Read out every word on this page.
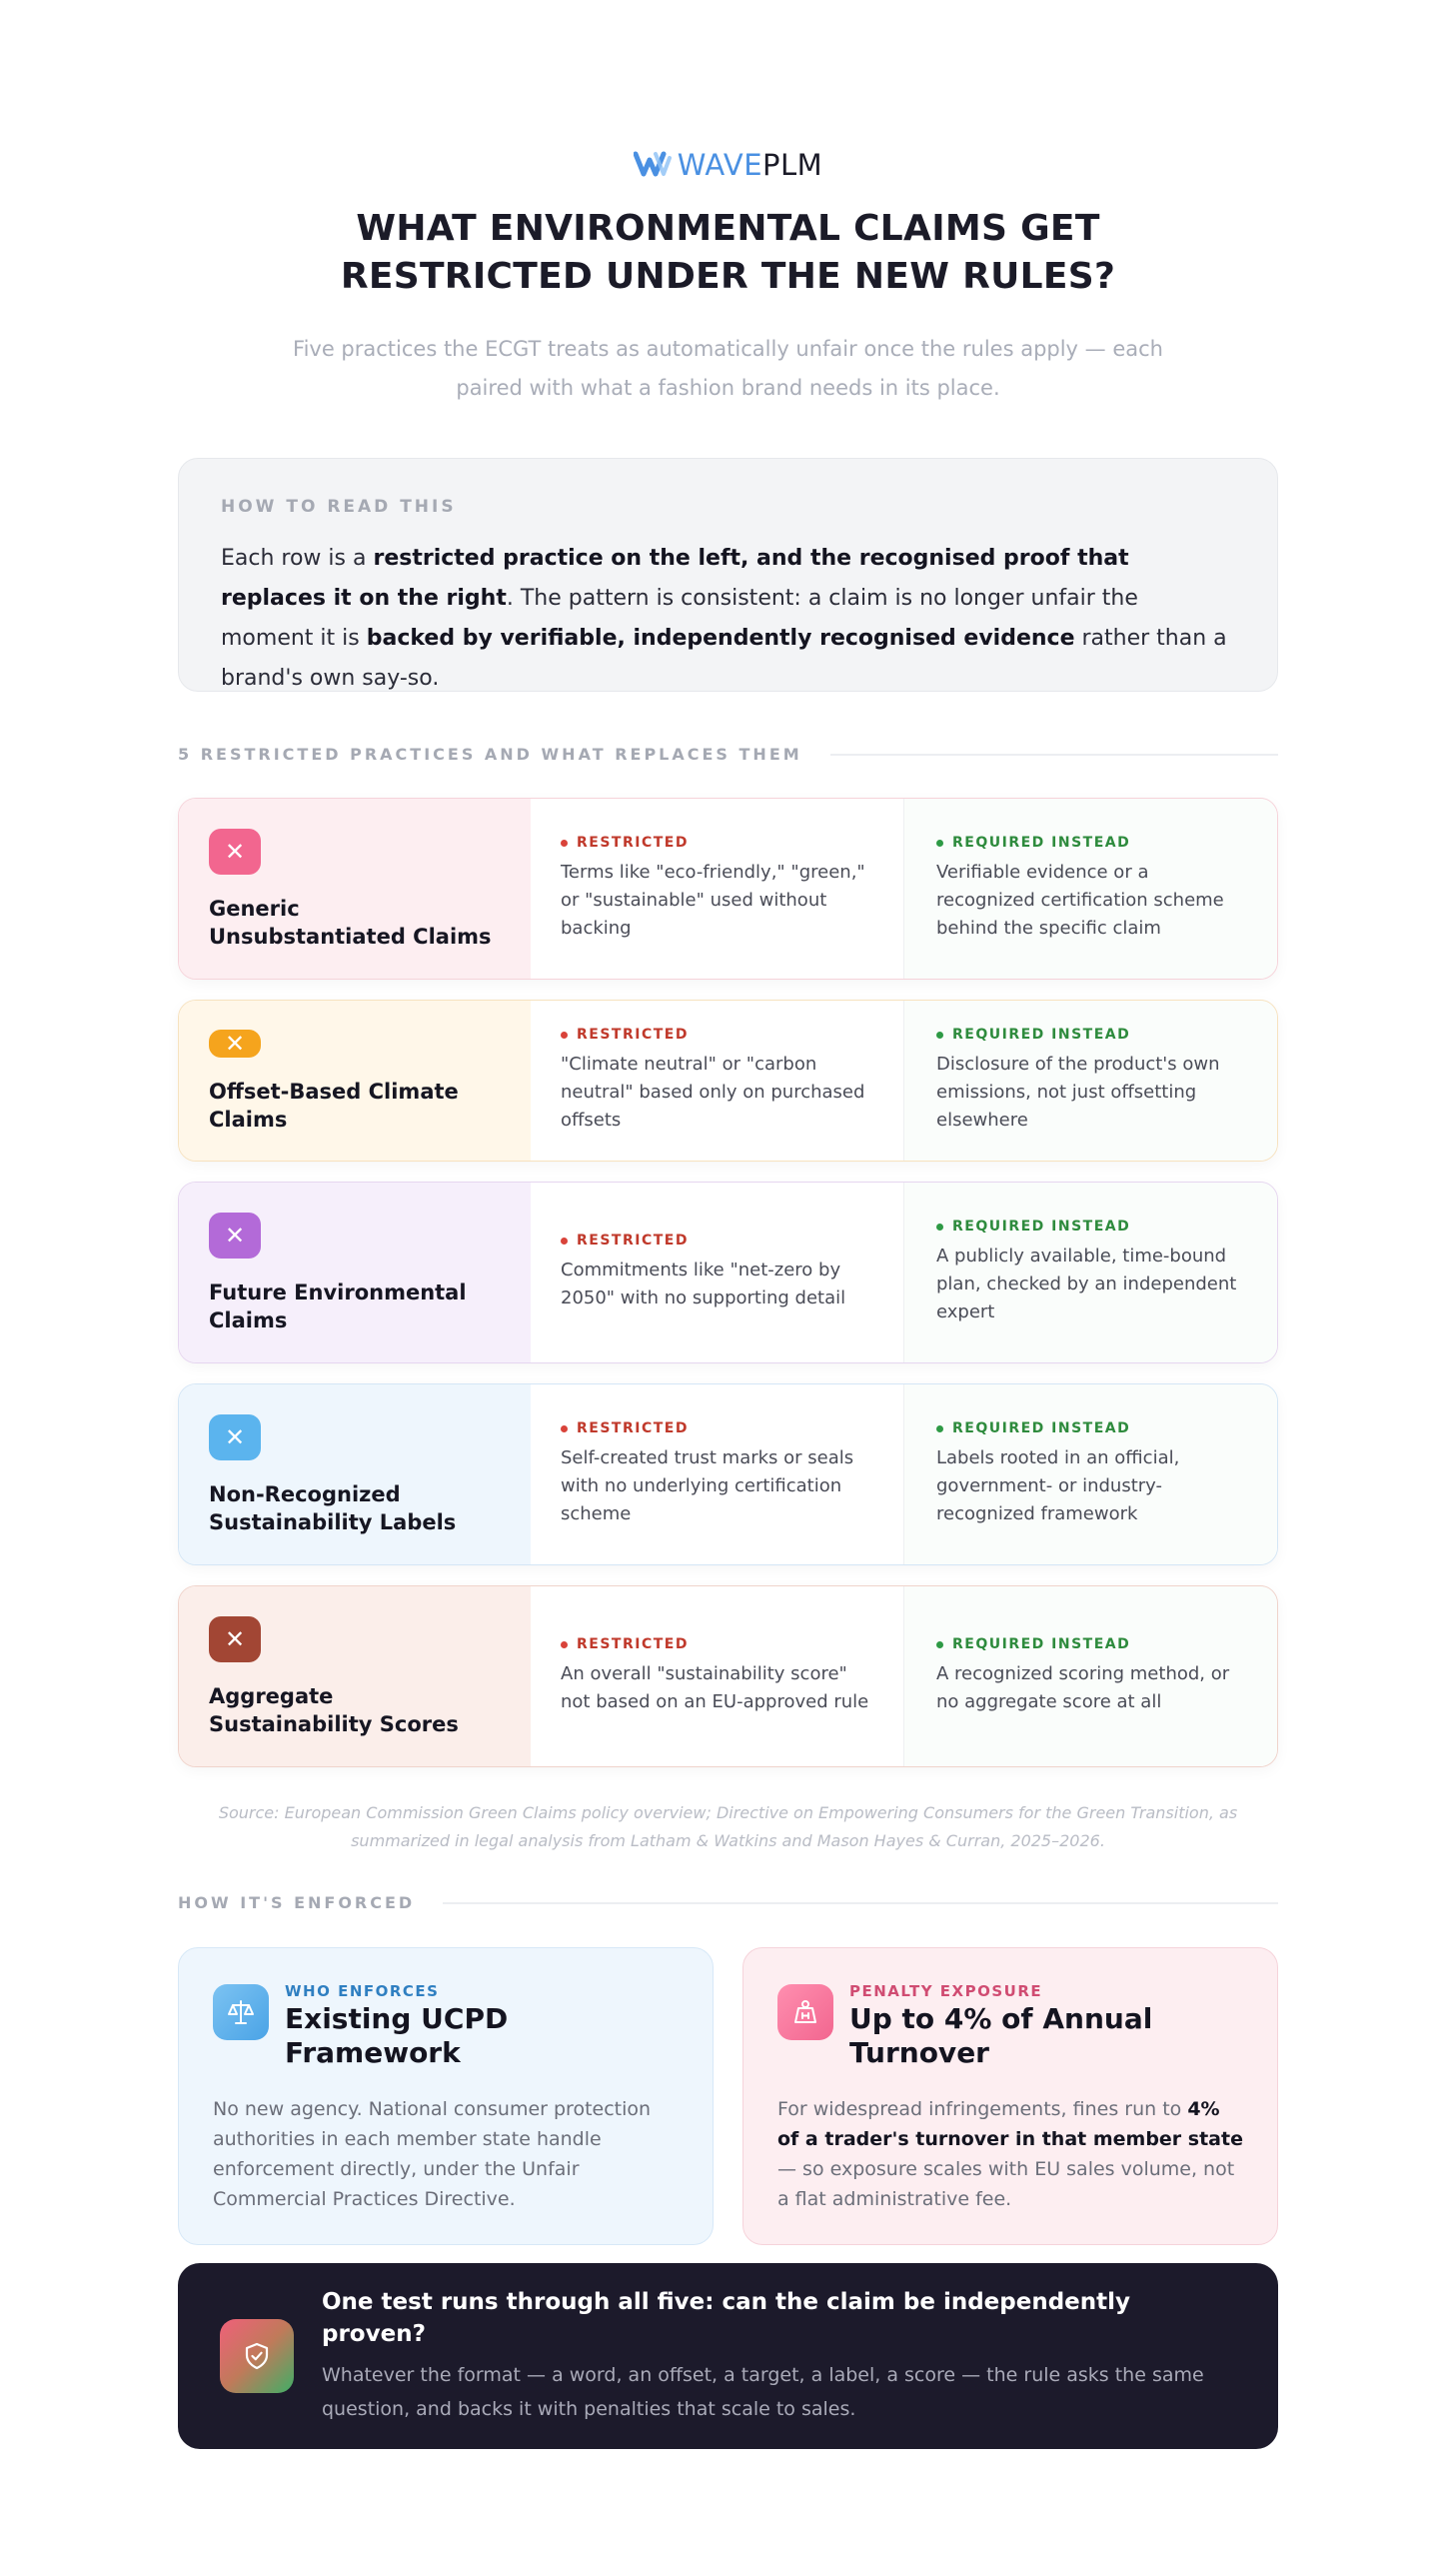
WAVEPLM
WHAT ENVIRONMENTAL CLAIMS GET
RESTRICTED UNDER THE NEW RULES?

Five practices the ECGT treats as automatically unfair once the rules apply — each paired with what a fashion brand needs in its place.

HOW TO READ THIS
Each row is a restricted practice on the left, and the recognised proof that replaces it on the right. The pattern is consistent: a claim is no longer unfair the moment it is backed by verifiable, independently recognised evidence rather than a brand's own say-so.
5 RESTRICTED PRACTICES AND WHAT REPLACES THEM
✕
Generic Unsubstantiated Claims
RESTRICTED
Terms like "eco-friendly," "green," or "sustainable" used without backing
REQUIRED INSTEAD
Verifiable evidence or a recognized certification scheme behind the specific claim
✕
Offset-Based Climate Claims
RESTRICTED
"Climate neutral" or "carbon neutral" based only on purchased offsets
REQUIRED INSTEAD
Disclosure of the product's own emissions, not just offsetting elsewhere
✕
Future Environmental Claims
RESTRICTED
Commitments like "net-zero by 2050" with no supporting detail
REQUIRED INSTEAD
A publicly available, time-bound plan, checked by an independent expert
✕
Non-Recognized Sustainability Labels
RESTRICTED
Self-created trust marks or seals with no underlying certification scheme
REQUIRED INSTEAD
Labels rooted in an official, government- or industry-recognized framework
✕
Aggregate Sustainability Scores
RESTRICTED
An overall "sustainability score" not based on an EU-approved rule
REQUIRED INSTEAD
A recognized scoring method, or no aggregate score at all

Source: European Commission Green Claims policy overview; Directive on Empowering Consumers for the Green Transition, as summarized in legal analysis from Latham & Watkins and Mason Hayes & Curran, 2025–2026.

HOW IT'S ENFORCED
WHO ENFORCES
Existing UCPD Framework
No new agency. National consumer protection authorities in each member state handle enforcement directly, under the Unfair Commercial Practices Directive.
PENALTY EXPOSURE
Up to 4% of Annual Turnover
For widespread infringements, fines run to 4% of a trader's turnover in that member state — so exposure scales with EU sales volume, not a flat administrative fee.
One test runs through all five: can the claim be independently proven?
Whatever the format — a word, an offset, a target, a label, a score — the rule asks the same question, and backs it with penalties that scale to sales.
